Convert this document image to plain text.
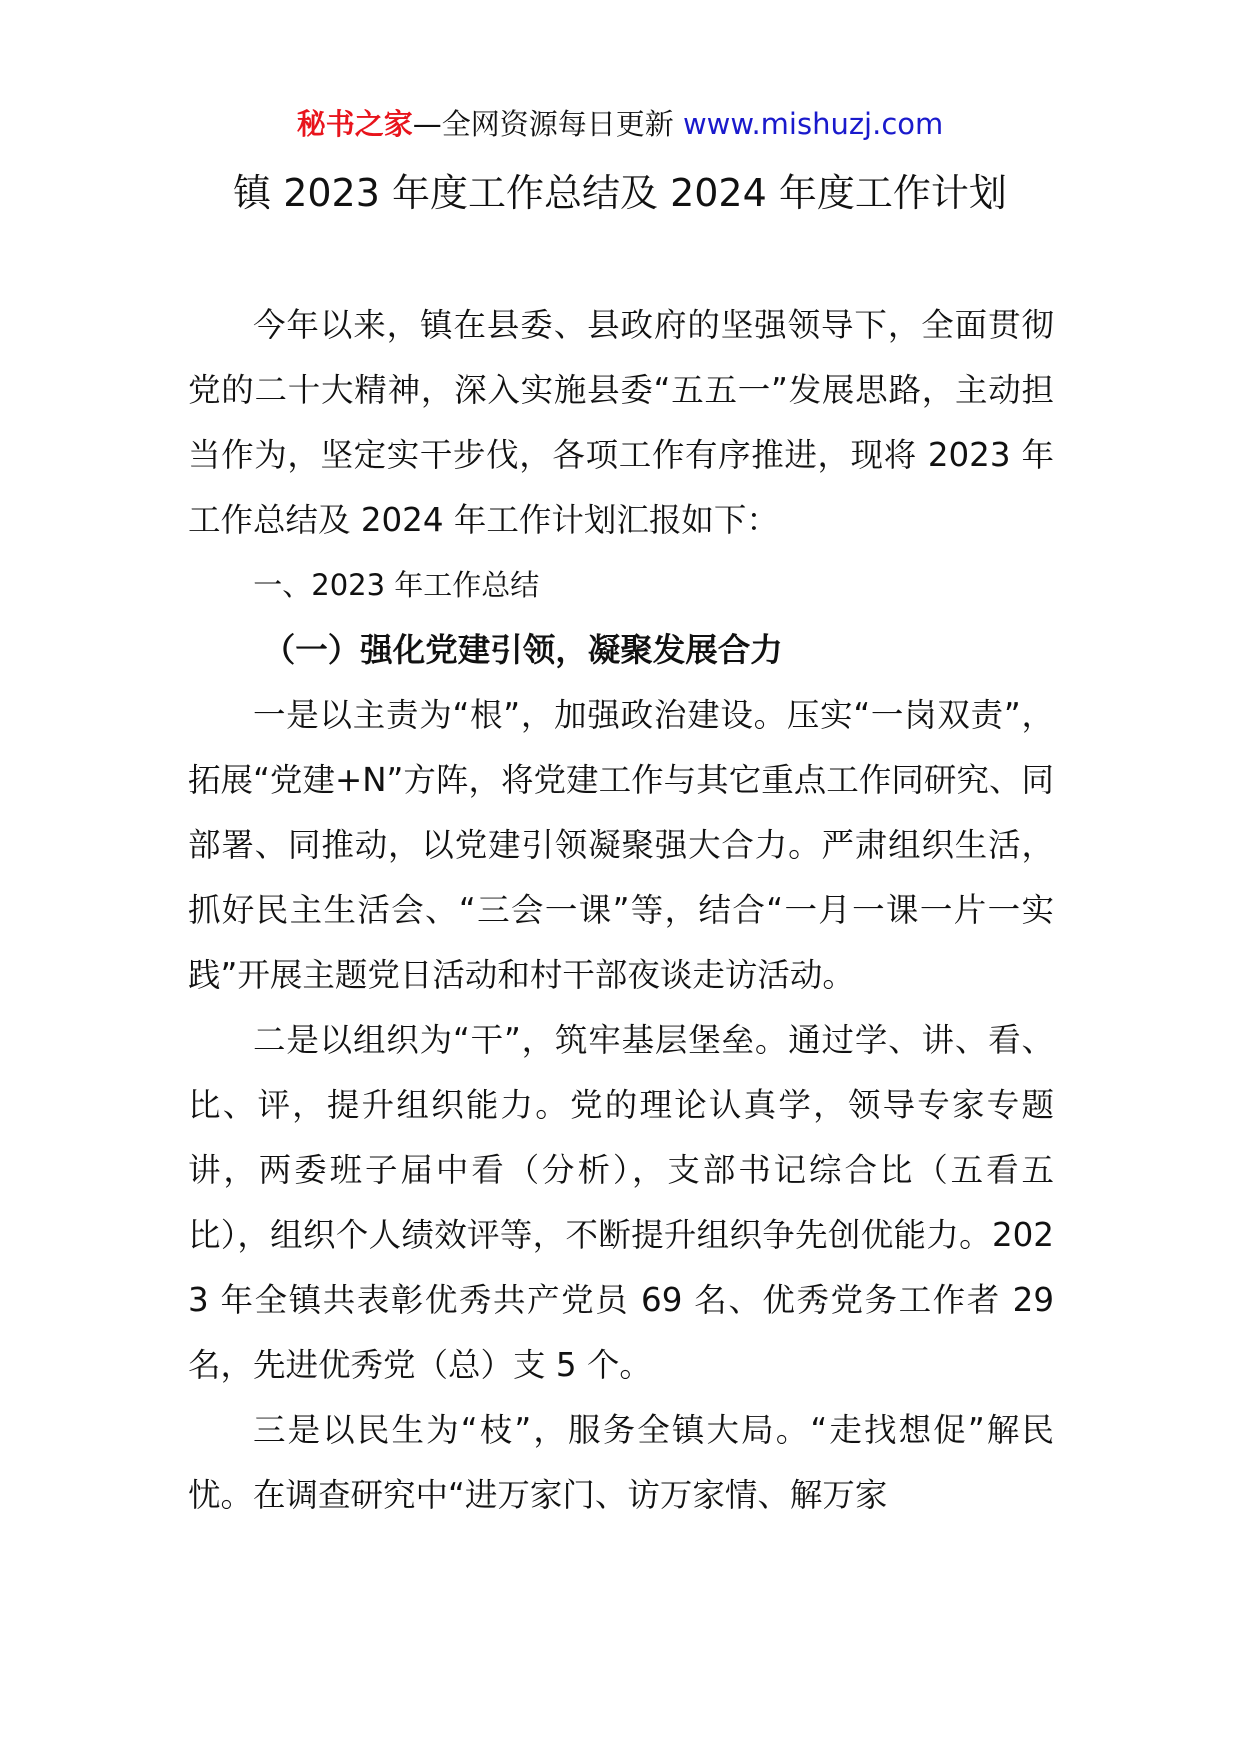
秘书之家—全网资源每日更新 www.mishuzj.com
镇 2023 年度工作总结及 2024 年度工作计划

今年以来，镇在县委、县政府的坚强领导下，全面贯彻党的二十大精神，深入实施县委“五五一”发展思路，主动担当作为，坚定实干步伐，各项工作有序推进，现将 2023 年工作总结及 2024 年工作计划汇报如下：

一、2023 年工作总结

（一）强化党建引领，凝聚发展合力

一是以主责为“根”，加强政治建设。压实“一岗双责”，拓展“党建+N”方阵，将党建工作与其它重点工作同研究、同部署、同推动，以党建引领凝聚强大合力。严肃组织生活，抓好民主生活会、“三会一课”等，结合“一月一课一片一实践”开展主题党日活动和村干部夜谈走访活动。

二是以组织为“干”，筑牢基层堡垒。通过学、讲、看、比、评，提升组织能力。党的理论认真学，领导专家专题讲，两委班子届中看（分析），支部书记综合比（五看五比），组织个人绩效评等，不断提升组织争先创优能力。2023 年全镇共表彰优秀共产党员 69 名、优秀党务工作者 29 名，先进优秀党（总）支 5 个。

三是以民生为“枝”，服务全镇大局。“走找想促”解民忧。在调查研究中“进万家门、访万家情、解万家
